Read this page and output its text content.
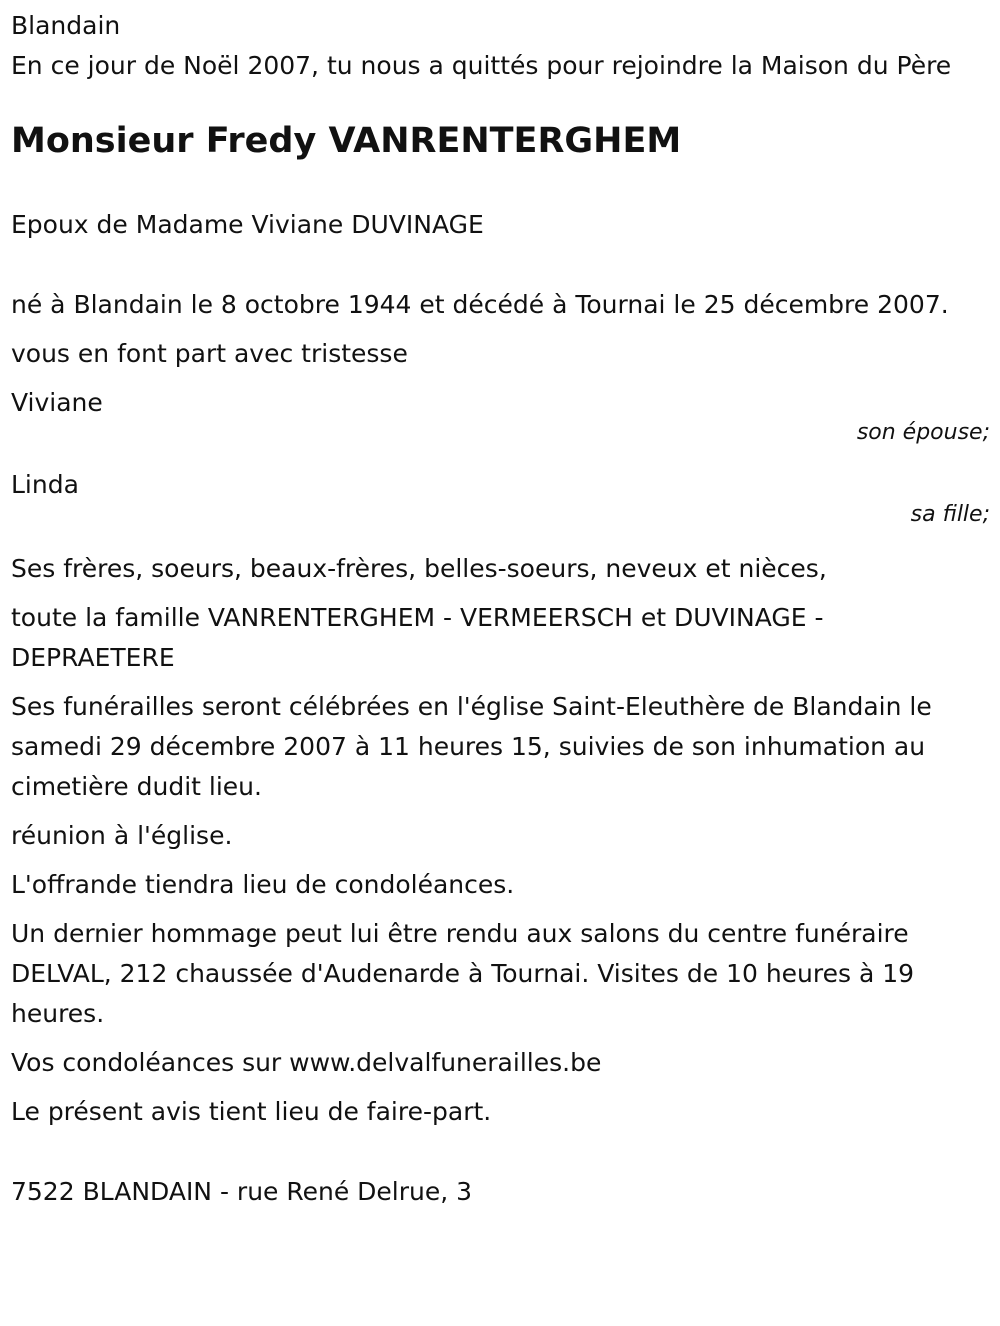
Blandain

En ce jour de Noël 2007, tu nous a quittés pour rejoindre la Maison du Père

Monsieur Fredy VANRENTERGHEM

Epoux de Madame Viviane DUVINAGE

né à Blandain le 8 octobre 1944 et décédé à Tournai le 25 décembre 2007.

vous en font part avec tristesse

Viviane

son épouse;

Linda

sa fille;

Ses frères, soeurs, beaux-frères, belles-soeurs, neveux et nièces,

toute la famille VANRENTERGHEM - VERMEERSCH et DUVINAGE - DEPRAETERE

Ses funérailles seront célébrées en l'église Saint-Eleuthère de Blandain le samedi 29 décembre 2007 à 11 heures 15, suivies de son inhumation au cimetière dudit lieu.

réunion à l'église.

L'offrande tiendra lieu de condoléances.

Un dernier hommage peut lui être rendu aux salons du centre funéraire DELVAL, 212 chaussée d'Audenarde à Tournai. Visites de 10 heures à 19 heures.

Vos condoléances sur www.delvalfunerailles.be

Le présent avis tient lieu de faire-part.

7522 BLANDAIN - rue René Delrue, 3
